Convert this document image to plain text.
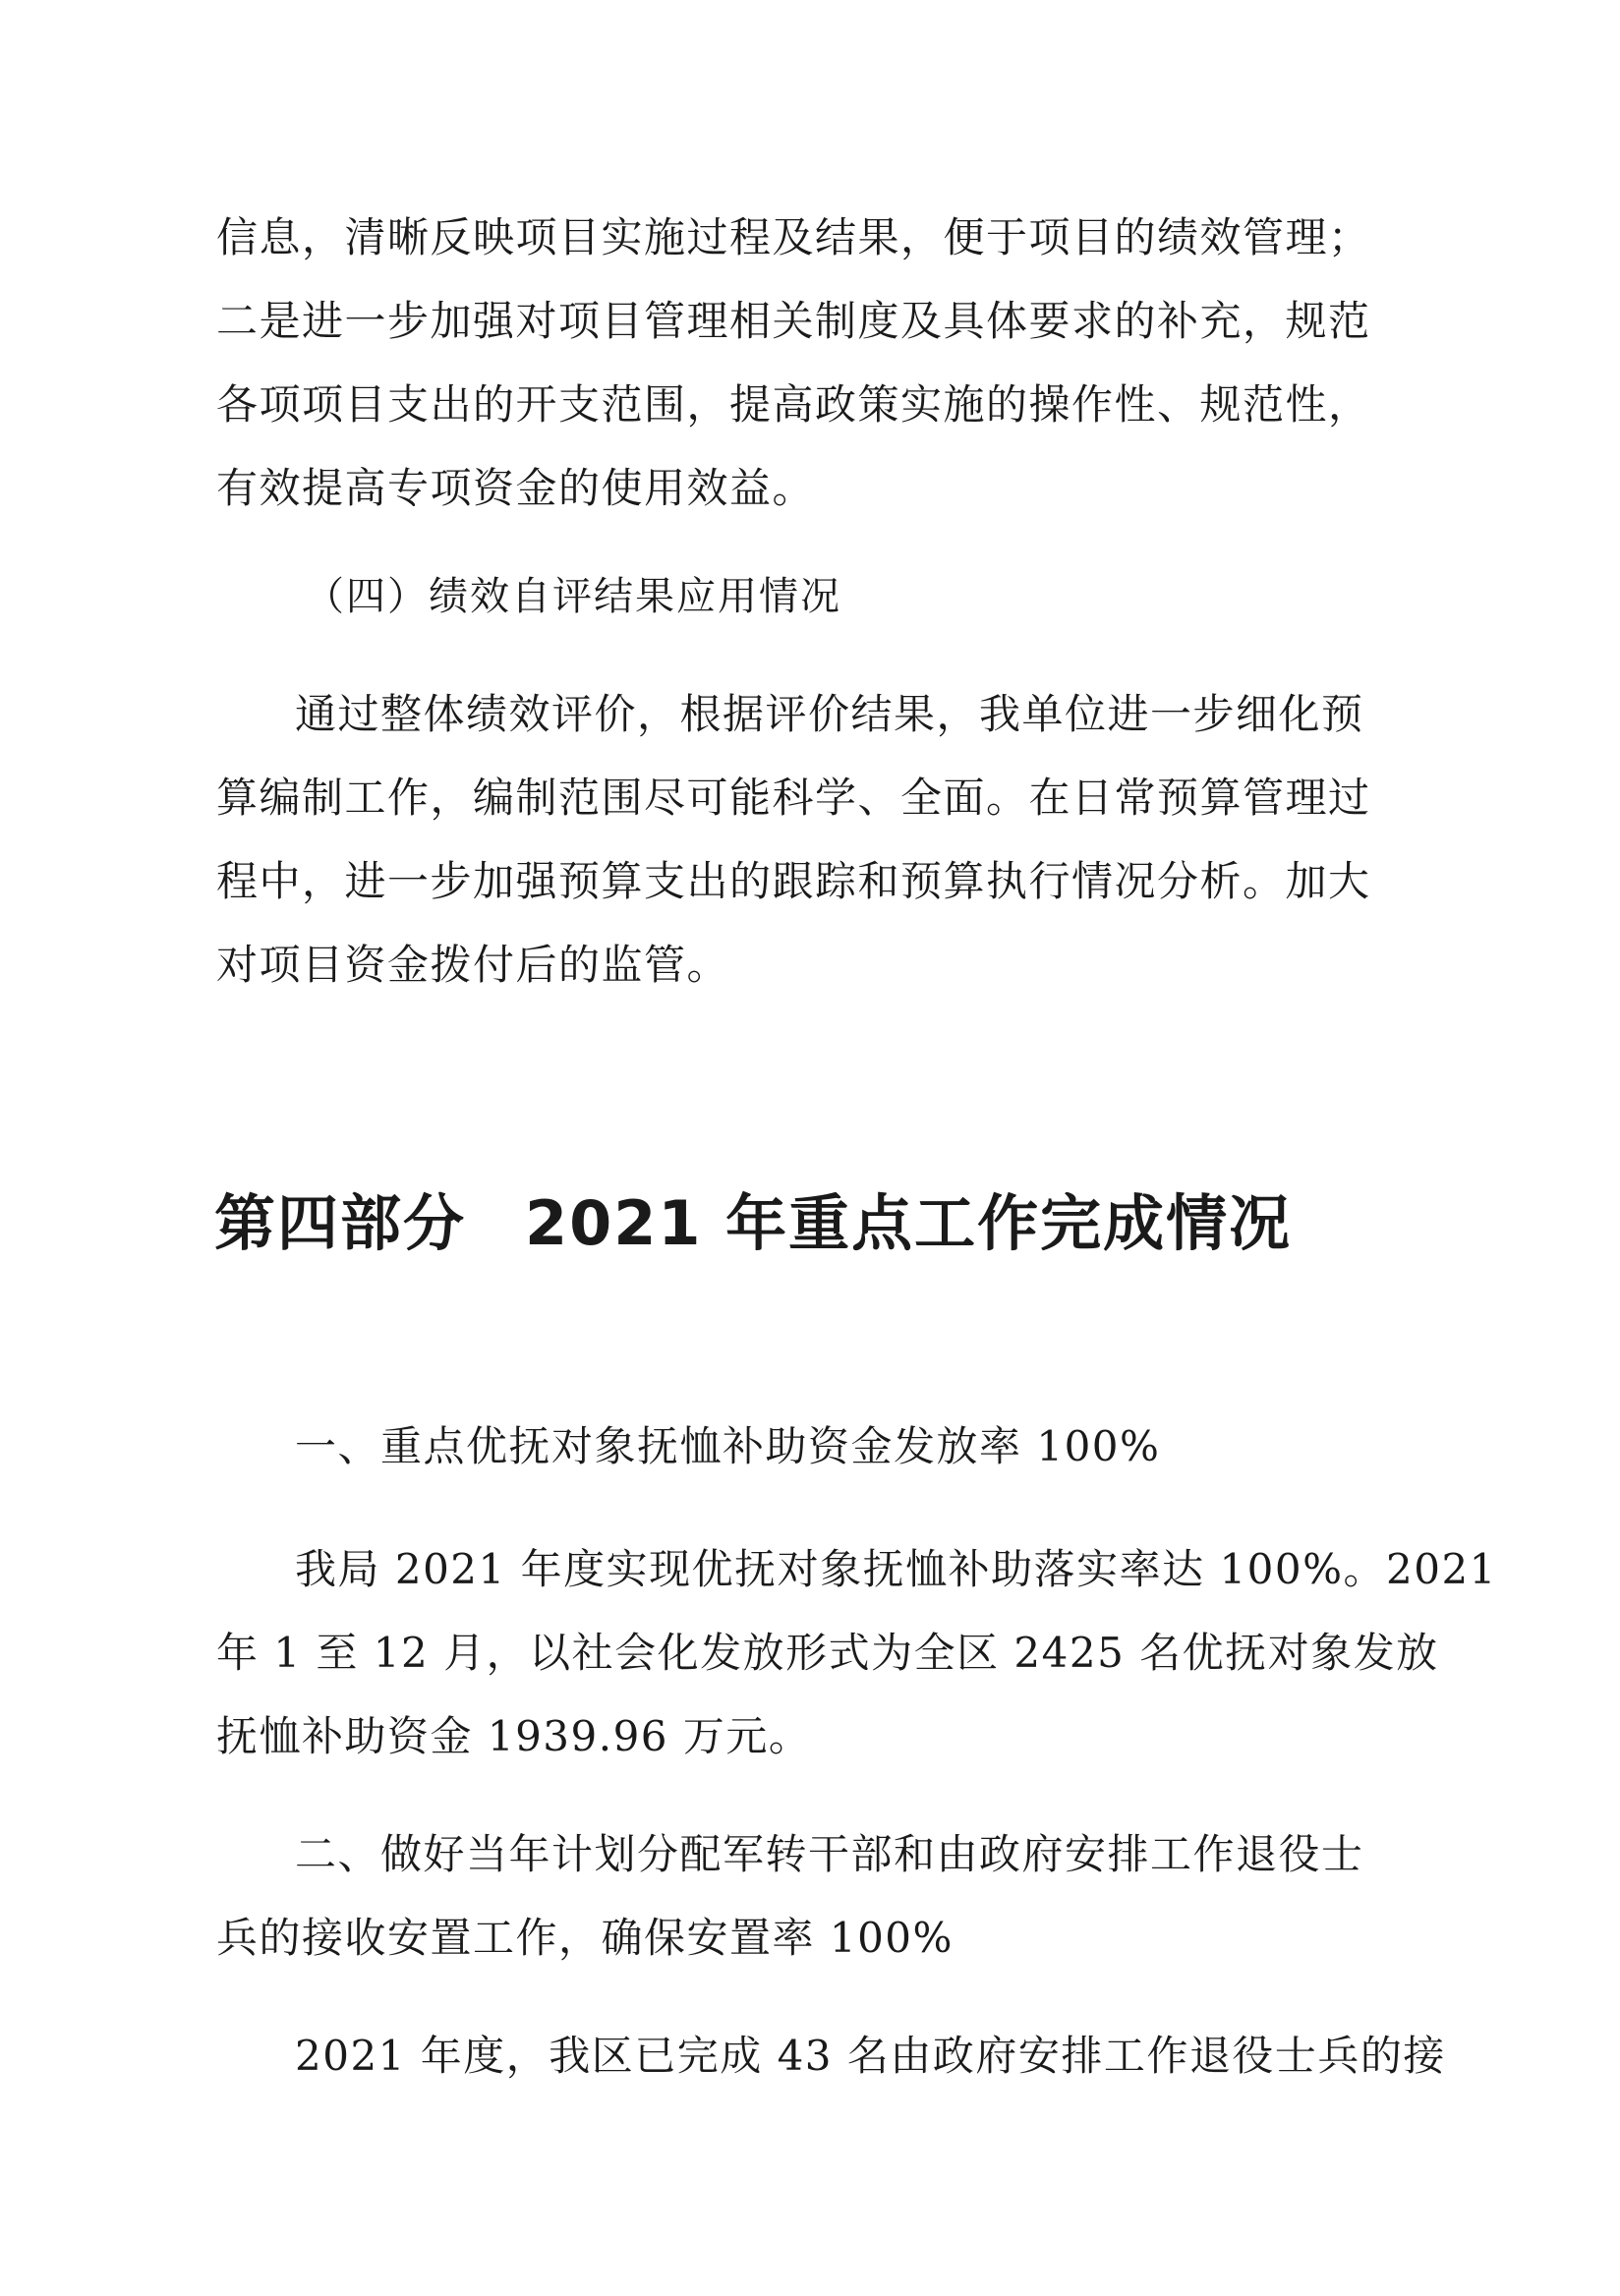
信息，清晰反映项目实施过程及结果，便于项目的绩效管理；
二是进一步加强对项目管理相关制度及具体要求的补充，规范
各项项目支出的开支范围，提高政策实施的操作性、规范性，
有效提高专项资金的使用效益。
（四）绩效自评结果应用情况
通过整体绩效评价，根据评价结果，我单位进一步细化预
算编制工作，编制范围尽可能科学、全面。在日常预算管理过
程中，进一步加强预算支出的跟踪和预算执行情况分析。加大
对项目资金拨付后的监管。
第四部分 2021 年重点工作完成情况
一、重点优抚对象抚恤补助资金发放率 100%
我局 2021 年度实现优抚对象抚恤补助落实率达 100%。2021
年 1 至 12 月，以社会化发放形式为全区 2425 名优抚对象发放
抚恤补助资金 1939.96 万元。
二、做好当年计划分配军转干部和由政府安排工作退役士
兵的接收安置工作，确保安置率 100%
2021 年度，我区已完成 43 名由政府安排工作退役士兵的接
